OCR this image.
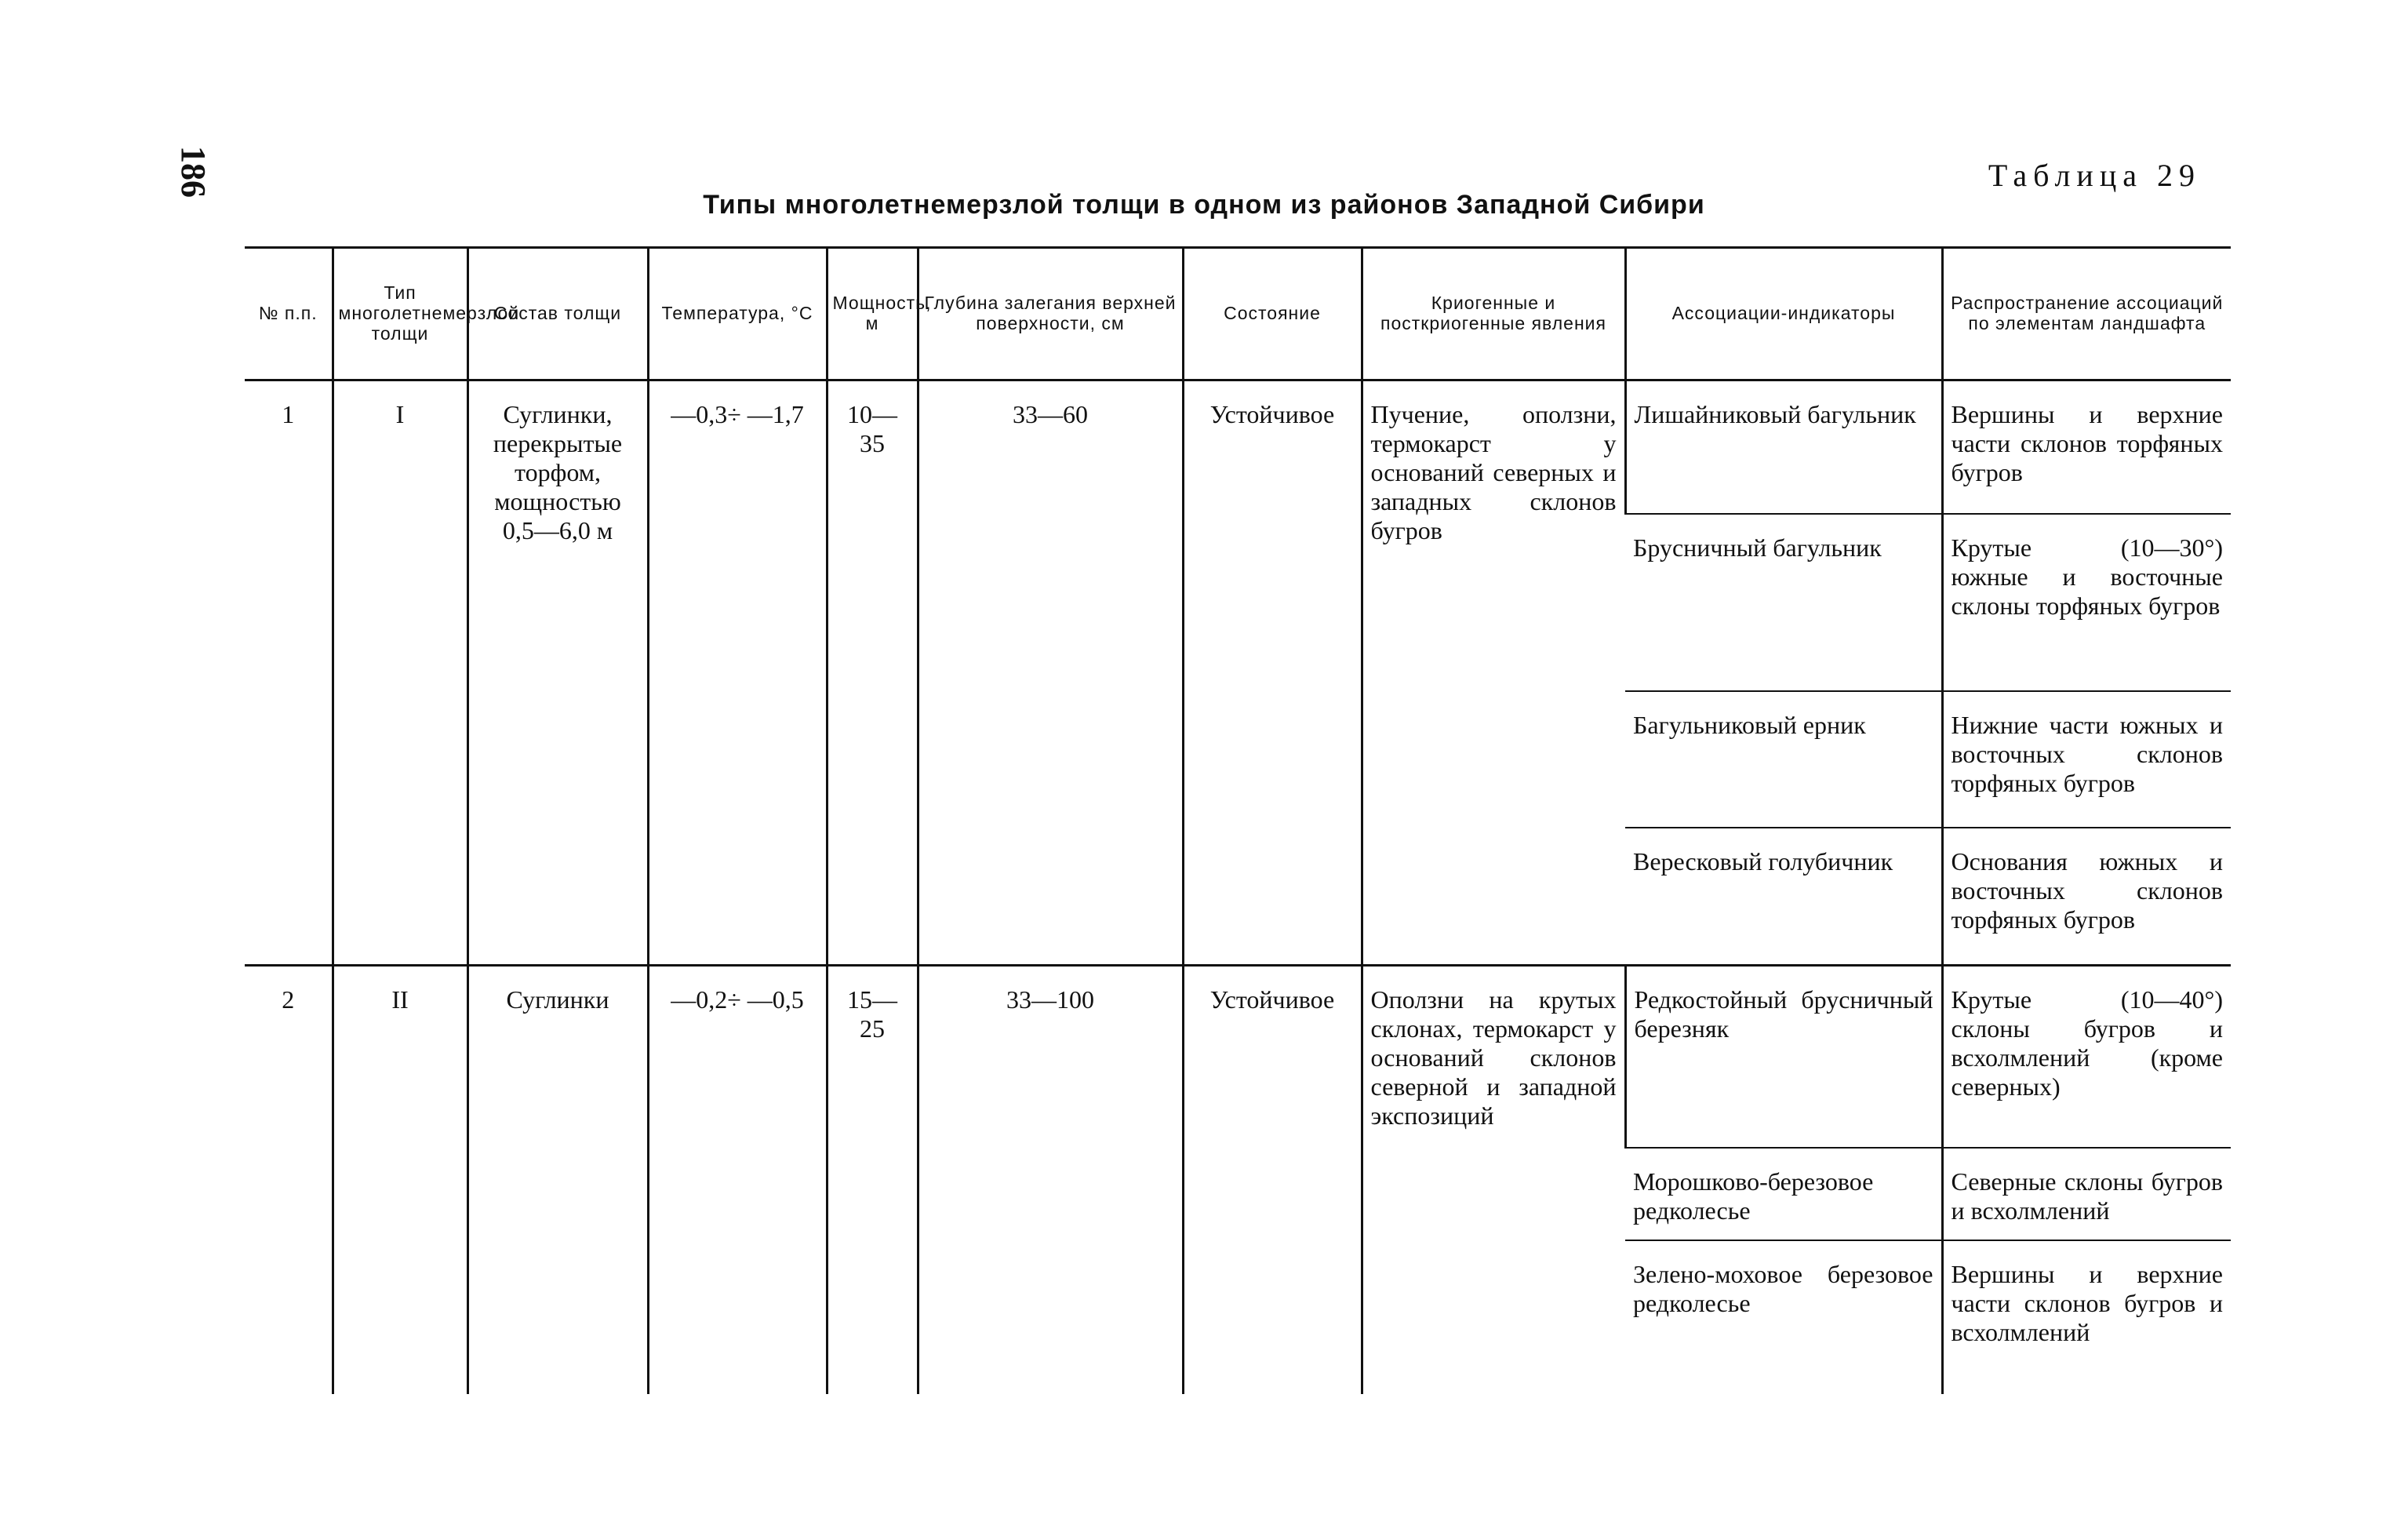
186	Таблица 29
Типы многолетнемерзлой толщи в одном из районов Западной Сибири
№ п.п.	Тип многолетнемерзлой толщи	Состав толщи	Температура, °С	Мощность, м	Глубина залегания верхней поверхности, см	Состояние	Криогенные и посткриогенные явления	Ассоциации-индикаторы	Распространение ассоциаций по элементам ландшафта
1	I	Суглинки, перекрытые торфом, мощностью 0,5—6,0 м	—0,3÷ —1,7	10—35	33—60	Устойчивое	Пучение, оползни, термокарст у оснований северных и западных склонов бугров	Лишайниковый багульник	Вершины и верхние части склонов торфяных бугров
								Брусничный багульник	Крутые (10—30°) южные и восточные склоны торфяных бугров
								Багульниковый ерник	Нижние части южных и восточных склонов торфяных бугров
								Вересковый голубичник	Основания южных и восточных склонов торфяных бугров
2	II	Суглинки	—0,2÷ —0,5	15—25	33—100	Устойчивое	Оползни на крутых склонах, термокарст у оснований склонов северной и западной экспозиций	Редкостойный брусничный березняк	Крутые (10—40°) склоны бугров и всхолмлений (кроме северных)
								Морошково-березовое редколесье	Северные склоны бугров и всхолмлений
								Зелено-моховое березовое редколесье	Вершины и верхние части склонов бугров и всхолмлений
